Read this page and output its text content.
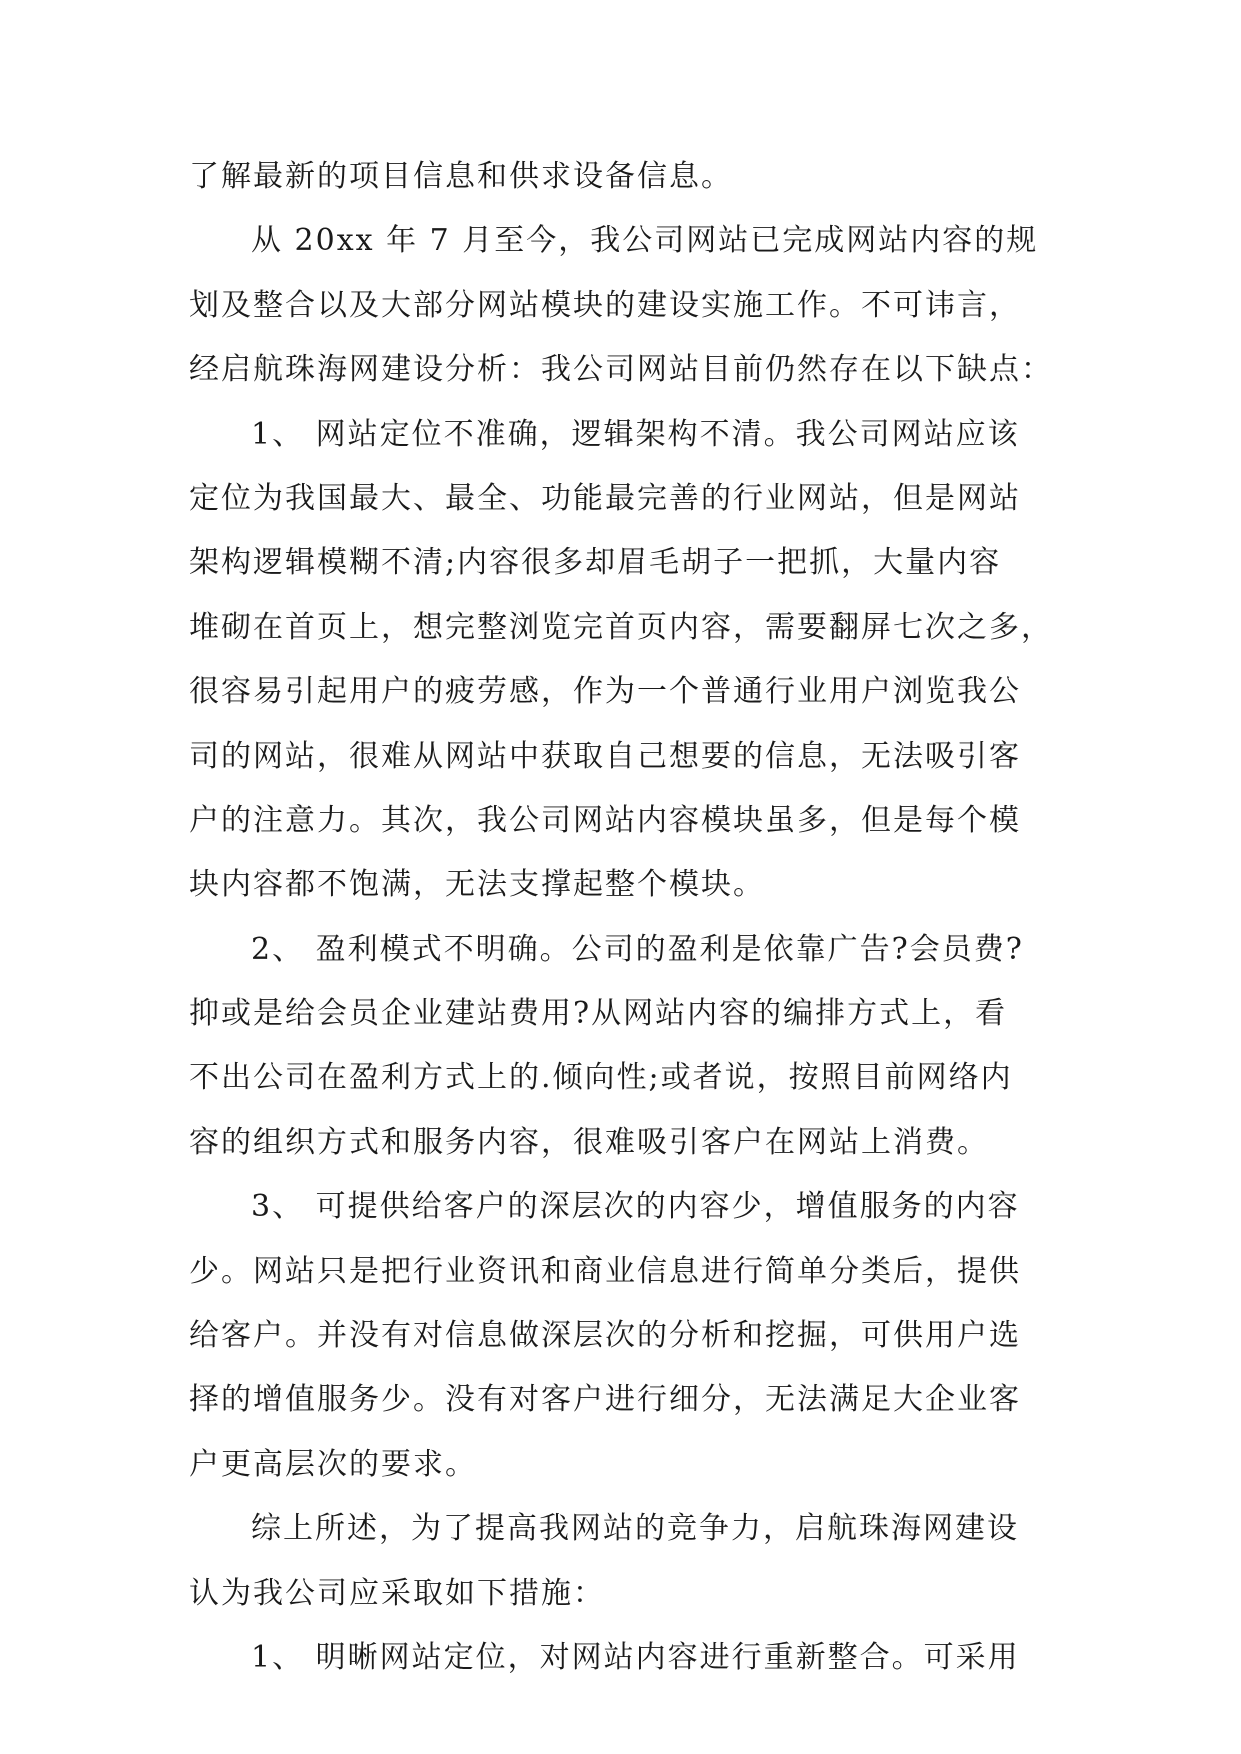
了解最新的项目信息和供求设备信息。
从 20xx 年 7 月至今，我公司网站已完成网站内容的规
划及整合以及大部分网站模块的建设实施工作。不可讳言，
经启航珠海网建设分析：我公司网站目前仍然存在以下缺点：
1、 网站定位不准确，逻辑架构不清。我公司网站应该
定位为我国最大、最全、功能最完善的行业网站，但是网站
架构逻辑模糊不清;内容很多却眉毛胡子一把抓，大量内容
堆砌在首页上，想完整浏览完首页内容，需要翻屏七次之多，
很容易引起用户的疲劳感，作为一个普通行业用户浏览我公
司的网站，很难从网站中获取自己想要的信息，无法吸引客
户的注意力。其次，我公司网站内容模块虽多，但是每个模
块内容都不饱满，无法支撑起整个模块。
2、 盈利模式不明确。公司的盈利是依靠广告?会员费?
抑或是给会员企业建站费用?从网站内容的编排方式上，看
不出公司在盈利方式上的.倾向性;或者说，按照目前网络内
容的组织方式和服务内容，很难吸引客户在网站上消费。
3、 可提供给客户的深层次的内容少，增值服务的内容
少。网站只是把行业资讯和商业信息进行简单分类后，提供
给客户。并没有对信息做深层次的分析和挖掘，可供用户选
择的增值服务少。没有对客户进行细分，无法满足大企业客
户更高层次的要求。
综上所述，为了提高我网站的竞争力，启航珠海网建设
认为我公司应采取如下措施：
1、 明晰网站定位，对网站内容进行重新整合。可采用
